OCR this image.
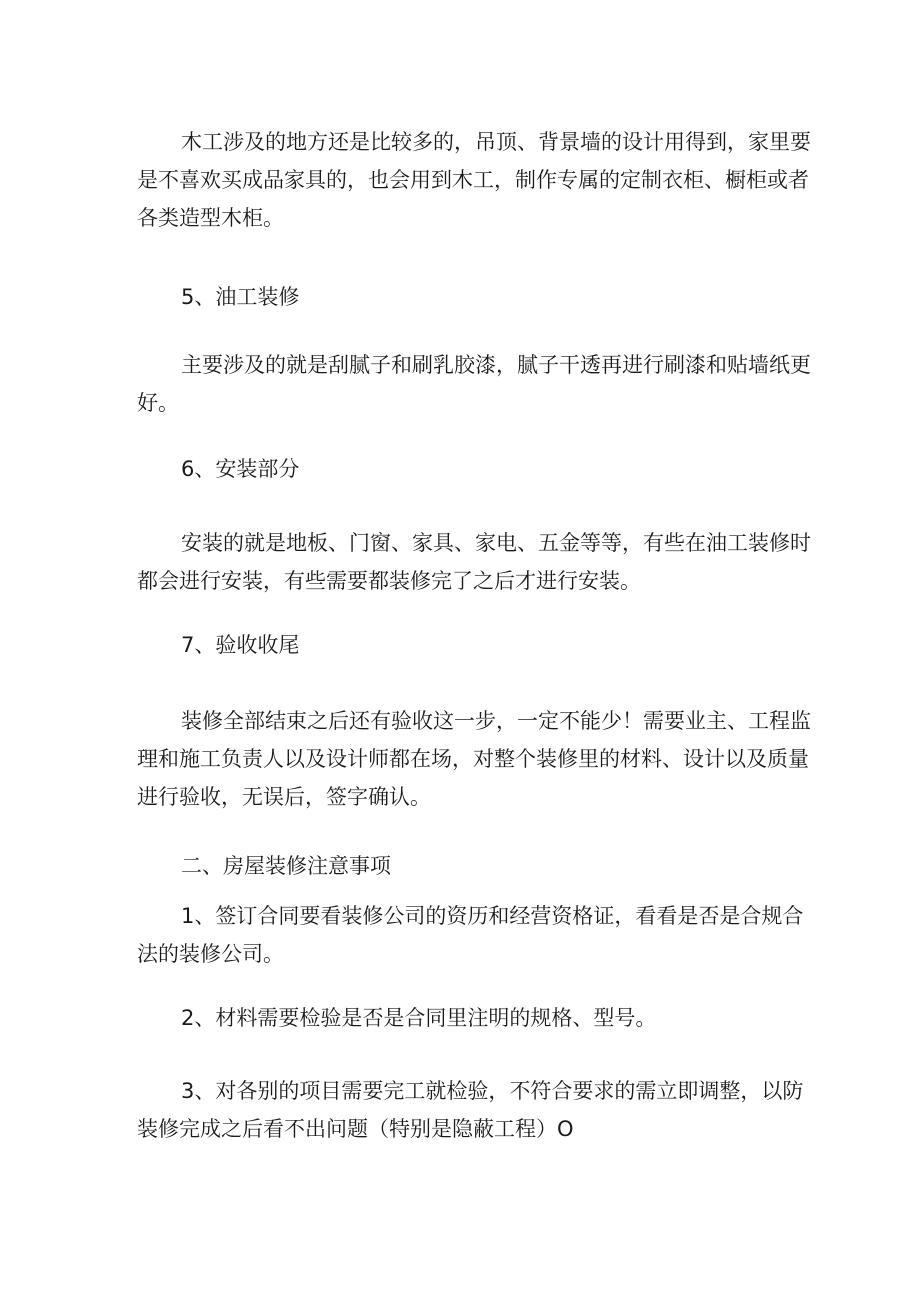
木工涉及的地方还是比较多的，吊顶、背景墙的设计用得到，家里要
是不喜欢买成品家具的，也会用到木工，制作专属的定制衣柜、橱柜或者
各类造型木柜。
5、油工装修
主要涉及的就是刮腻子和刷乳胶漆，腻子干透再进行刷漆和贴墙纸更
好。
6、安装部分
安装的就是地板、门窗、家具、家电、五金等等，有些在油工装修时
都会进行安装，有些需要都装修完了之后才进行安装。
7、验收收尾
装修全部结束之后还有验收这一步，一定不能少！需要业主、工程监
理和施工负责人以及设计师都在场，对整个装修里的材料、设计以及质量
进行验收，无误后，签字确认。
二、房屋装修注意事项
1、签订合同要看装修公司的资历和经营资格证，看看是否是合规合
法的装修公司。
2、材料需要检验是否是合同里注明的规格、型号。
3、对各别的项目需要完工就检验，不符合要求的需立即调整，以防
装修完成之后看不出问题（特别是隐蔽工程）O
